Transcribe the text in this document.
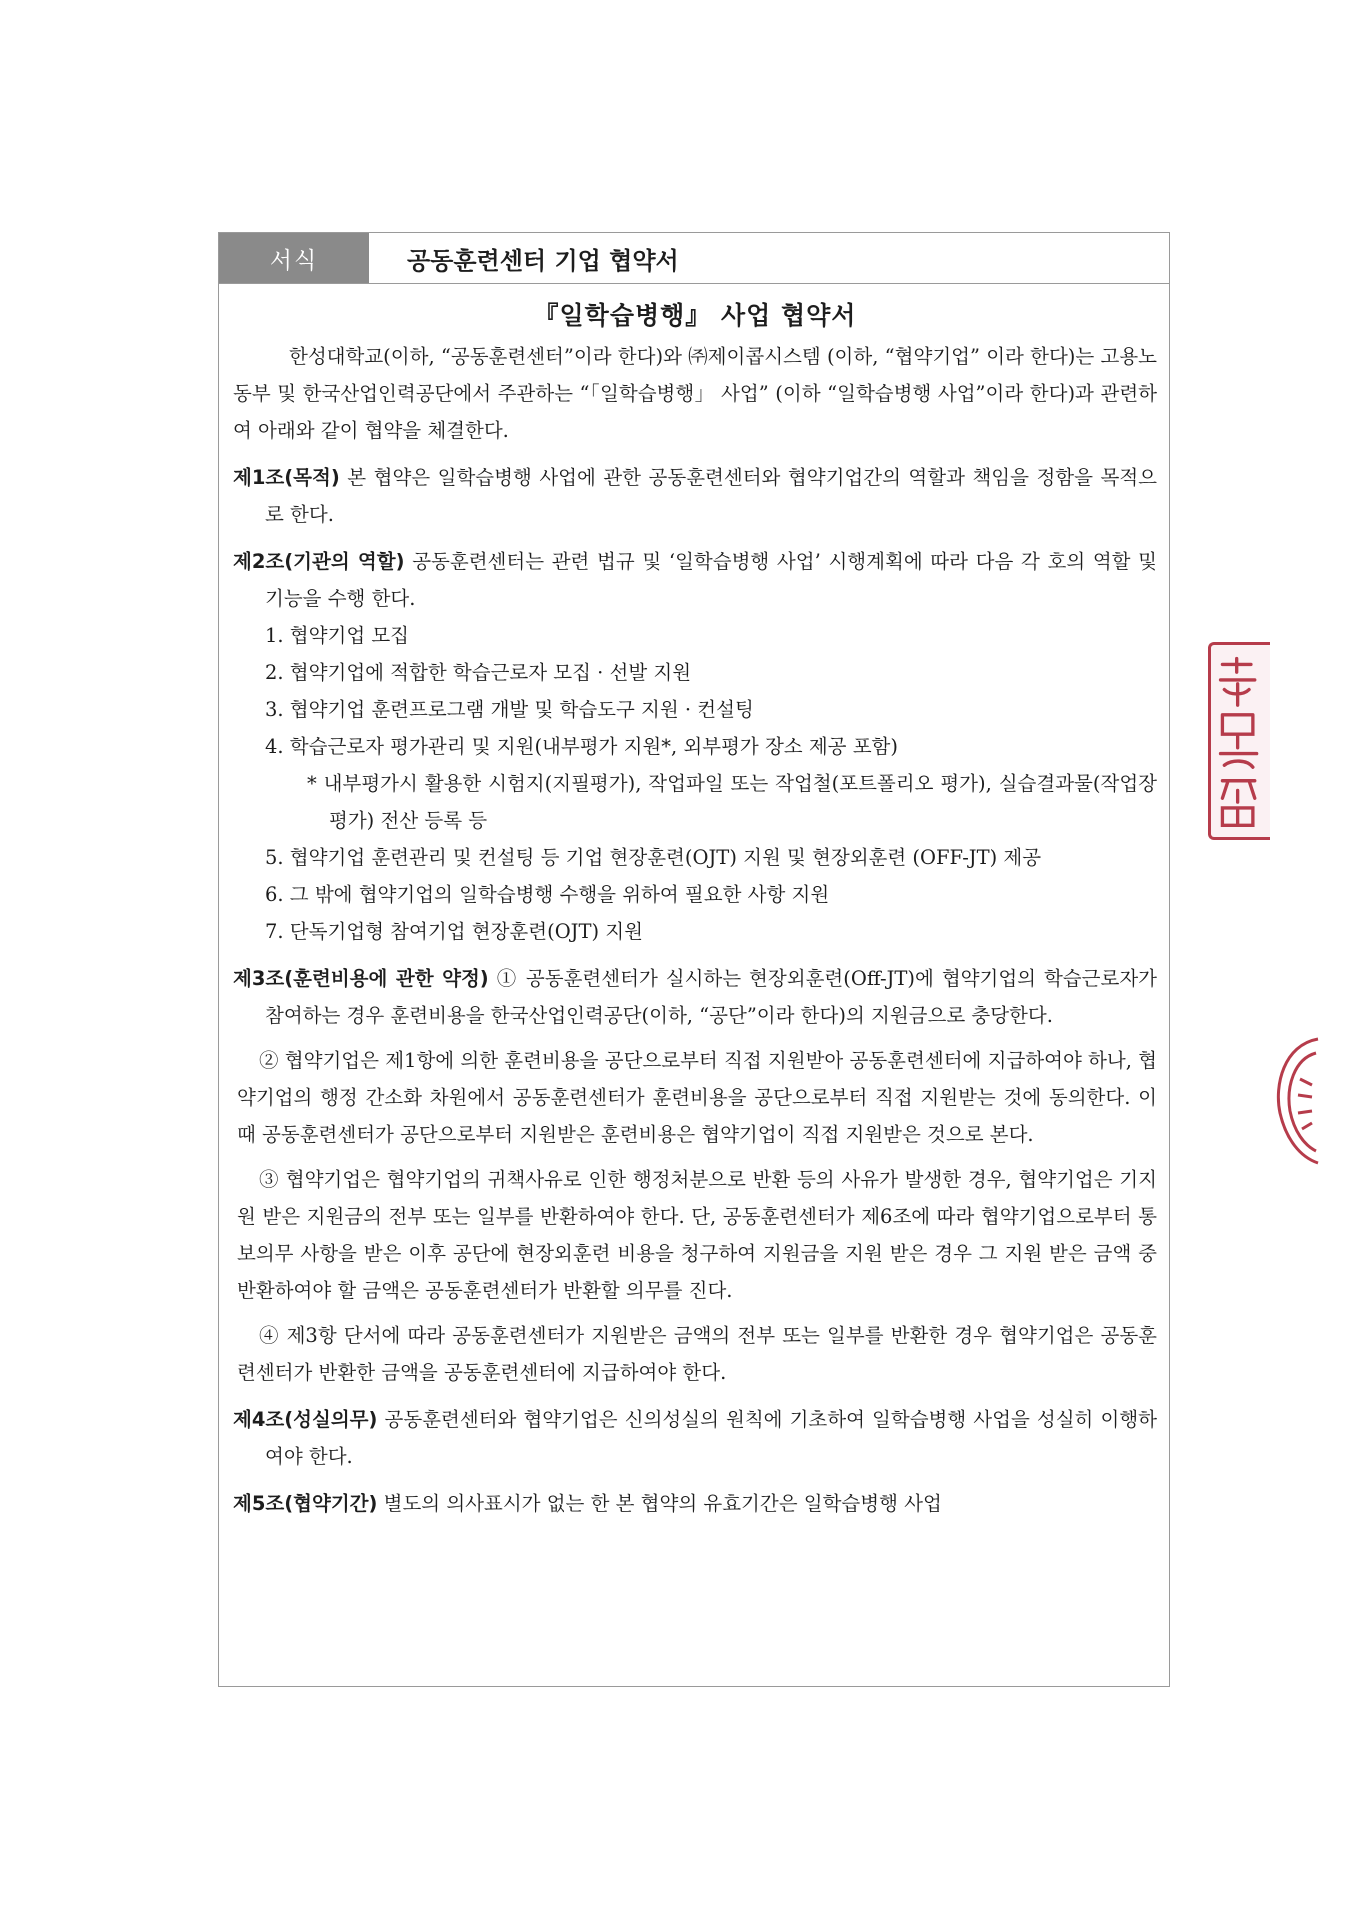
서식	공동훈련센터 기업 협약서
『일학습병행』 사업 협약서

한성대학교(이하, “공동훈련센터”이라 한다)와 ㈜제이콥시스템 (이하, “협약기업” 이라 한다)는 고용노동부 및 한국산업인력공단에서 주관하는 “「일학습병행」 사업” (이하 “일학습병행 사업”이라 한다)과 관련하여 아래와 같이 협약을 체결한다.

제1조(목적) 본 협약은 일학습병행 사업에 관한 공동훈련센터와 협약기업간의 역할과 책임을 정함을 목적으로 한다.

제2조(기관의 역할) 공동훈련센터는 관련 법규 및 ‘일학습병행 사업’ 시행계획에 따라 다음 각 호의 역할 및 기능을 수행 한다.

1. 협약기업 모집
2. 협약기업에 적합한 학습근로자 모집 · 선발 지원
3. 협약기업 훈련프로그램 개발 및 학습도구 지원 · 컨설팅
4. 학습근로자 평가관리 및 지원(내부평가 지원*, 외부평가 장소 제공 포함)
* 내부평가시 활용한 시험지(지필평가), 작업파일 또는 작업철(포트폴리오 평가), 실습결과물(작업장 평가) 전산 등록 등
5. 협약기업 훈련관리 및 컨설팅 등 기업 현장훈련(OJT) 지원 및 현장외훈련 (OFF-JT) 제공
6. 그 밖에 협약기업의 일학습병행 수행을 위하여 필요한 사항 지원
7. 단독기업형 참여기업 현장훈련(OJT) 지원

제3조(훈련비용에 관한 약정) ① 공동훈련센터가 실시하는 현장외훈련(Off-JT)에 협약기업의 학습근로자가 참여하는 경우 훈련비용을 한국산업인력공단(이하, “공단”이라 한다)의 지원금으로 충당한다.

② 협약기업은 제1항에 의한 훈련비용을 공단으로부터 직접 지원받아 공동훈련센터에 지급하여야 하나, 협약기업의 행정 간소화 차원에서 공동훈련센터가 훈련비용을 공단으로부터 직접 지원받는 것에 동의한다. 이 때 공동훈련센터가 공단으로부터 지원받은 훈련비용은 협약기업이 직접 지원받은 것으로 본다.

③ 협약기업은 협약기업의 귀책사유로 인한 행정처분으로 반환 등의 사유가 발생한 경우, 협약기업은 기지원 받은 지원금의 전부 또는 일부를 반환하여야 한다. 단, 공동훈련센터가 제6조에 따라 협약기업으로부터 통보의무 사항을 받은 이후 공단에 현장외훈련 비용을 청구하여 지원금을 지원 받은 경우 그 지원 받은 금액 중 반환하여야 할 금액은 공동훈련센터가 반환할 의무를 진다.

④ 제3항 단서에 따라 공동훈련센터가 지원받은 금액의 전부 또는 일부를 반환한 경우 협약기업은 공동훈련센터가 반환한 금액을 공동훈련센터에 지급하여야 한다.

제4조(성실의무) 공동훈련센터와 협약기업은 신의성실의 원칙에 기초하여 일학습병행 사업을 성실히 이행하여야 한다.

제5조(협약기간) 별도의 의사표시가 없는 한 본 협약의 유효기간은 일학습병행 사업
